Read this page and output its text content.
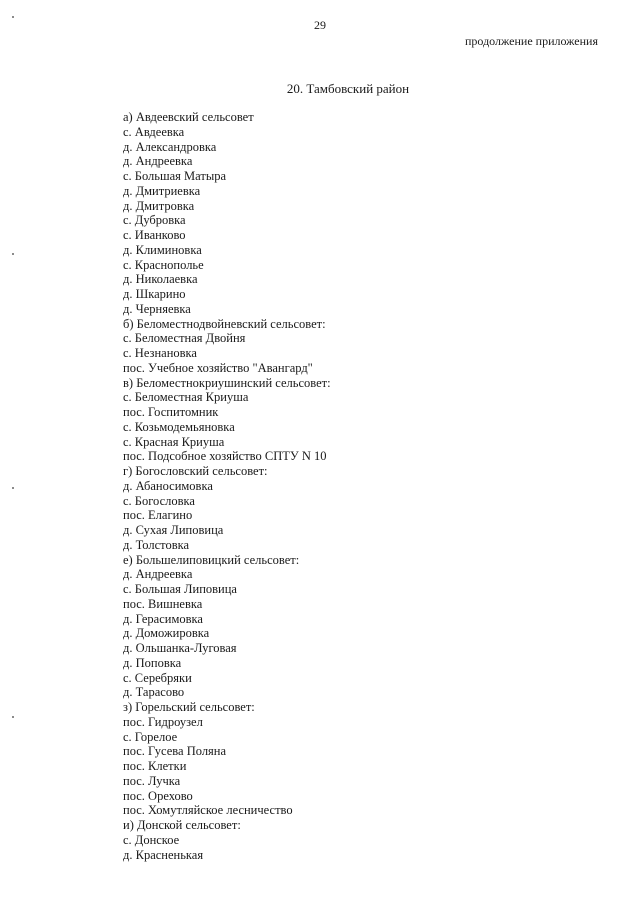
29
продолжение приложения
20. Тамбовский район
а) Авдеевский сельсовет
с. Авдеевка
д. Александровка
д. Андреевка
с. Большая Матыра
д. Дмитриевка
д. Дмитровка
с. Дубровка
с. Иванково
д. Климиновка
с. Краснополье
д. Николаевка
д. Шкарино
д. Черняевка
б) Беломестнодвойневский сельсовет:
с. Беломестная Двойня
с. Незнановка
пос. Учебное хозяйство "Авангард"
в) Беломестнокриушинский сельсовет:
с. Беломестная Криуша
пос. Госпитомник
с. Козьмодемьяновка
с. Красная Криуша
пос. Подсобное хозяйство СПТУ N 10
г) Богословский сельсовет:
д. Абаносимовка
с. Богословка
пос. Елагино
д. Сухая Липовица
д. Толстовка
е) Большелиповицкий сельсовет:
д. Андреевка
с. Большая Липовица
пос. Вишневка
д. Герасимовка
д. Доможировка
д. Ольшанка-Луговая
д. Поповка
с. Серебряки
д. Тарасово
з) Горельский сельсовет:
пос. Гидроузел
с. Горелое
пос. Гусева Поляна
пос. Клетки
пос. Лучка
пос. Орехово
пос. Хомутляйское лесничество
и) Донской сельсовет:
с. Донское
д. Красненькая
